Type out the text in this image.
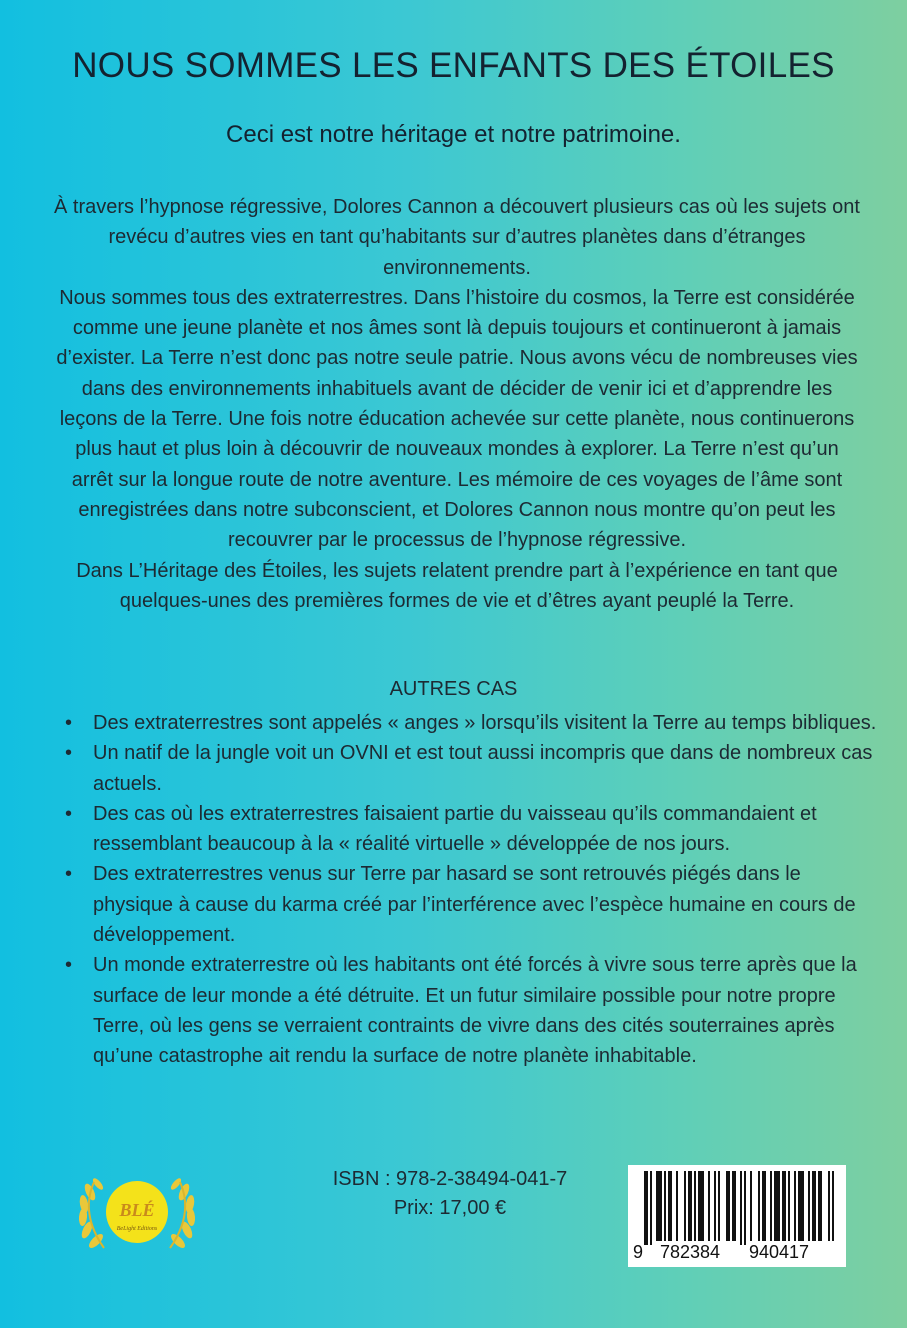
NOUS SOMMES LES ENFANTS DES ÉTOILES
Ceci est notre héritage et notre patrimoine.

À travers l’hypnose régressive, Dolores Cannon a découvert plusieurs cas où les sujets ont revécu d’autres vies en tant qu’habitants sur d’autres planètes dans d’étranges environnements.

Nous sommes tous des extraterrestres. Dans l’histoire du cosmos, la Terre est considérée comme une jeune planète et nos âmes sont là depuis toujours et continueront à jamais d’exister. La Terre n’est donc pas notre seule patrie. Nous avons vécu de nombreuses vies dans des environnements inhabituels avant de décider de venir ici et d’apprendre les leçons de la Terre. Une fois notre éducation achevée sur cette planète, nous continuerons plus haut et plus loin à découvrir de nouveaux mondes à explorer. La Terre n’est qu’un arrêt sur la longue route de notre aventure. Les mémoire de ces voyages de l’âme sont enregistrées dans notre subconscient, et Dolores Cannon nous montre qu’on peut les recouvrer par le processus de l’hypnose régressive.

Dans L’Héritage des Étoiles, les sujets relatent prendre part à l’expérience en tant que quelques-unes des premières formes de vie et d’êtres ayant peuplé la Terre.

AUTRES CAS
• Des extraterrestres sont appelés « anges » lorsqu’ils visitent la Terre au temps bibliques.
• Un natif de la jungle voit un OVNI et est tout aussi incompris que dans de nombreux cas actuels.
• Des cas où les extraterrestres faisaient partie du vaisseau qu’ils commandaient et ressemblant beaucoup à la « réalité virtuelle » développée de nos jours.
• Des extraterrestres venus sur Terre par hasard se sont retrouvés piégés dans le physique à cause du karma créé par l’interférence avec l’espèce humaine en cours de développement.
• Un monde extraterrestre où les habitants ont été forcés à vivre sous terre après que la surface de leur monde a été détruite. Et un futur similaire possible pour notre propre Terre, où les gens se verraient contraints de vivre dans des cités souterraines après qu’une catastrophe ait rendu la surface de notre planète inhabitable.
BLÉ
BeLight Editions
ISBN : 978-2-38494-041-7
Prix: 17,00 €
9 782384 940417
